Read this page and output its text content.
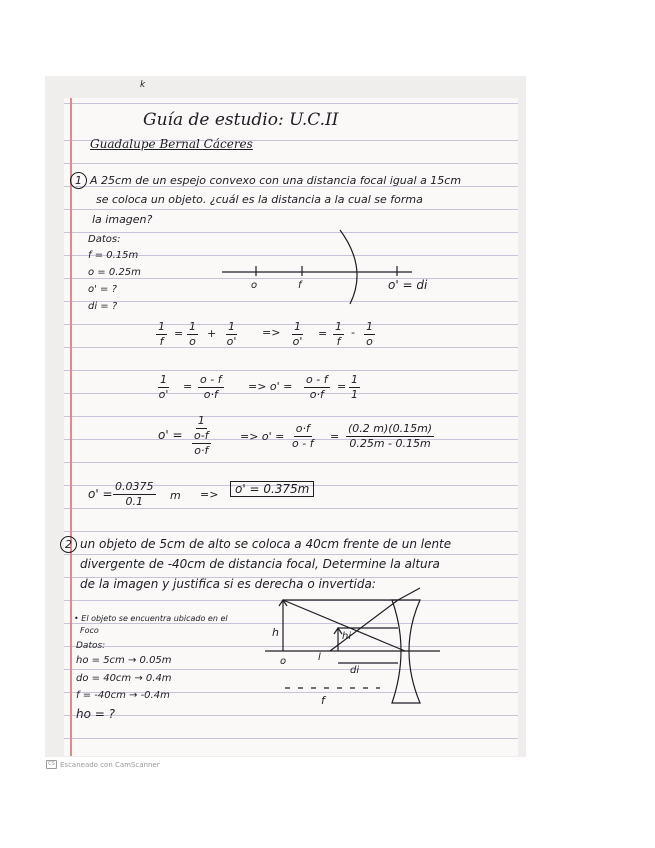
k
Guía de estudio: U.C.II
Guadalupe Bernal Cáceres
1 A 25cm de un espejo convexo con una distancia focal igual a 15cm
se coloca un objeto. ¿cuál es la distancia a la cual se forma
la imagen?
Datos:
f = 0.15m
o = 0.25m
o' = ?
di = ?
o	f	o' = di
$\frac{1}{f} = \frac{1}{o} + \frac{1}{o'} => \frac{1}{o'} = \frac{1}{f} - \frac{1}{o}$
$\frac{1}{o'} = \frac{o - f}{o\cdot f} => o' = \frac{o - f}{o\cdot f} = \frac{1}{1}$
o' =
1
o-f
o·f
=> $o' = \frac{o\cdot f}{o - f} = \frac{(0.2 m)(0.15m)}{0.25m - 0.15m}$
$o' = \frac{0.0375}{0.1}$ m =>	o' = 0.375m
2 un objeto de 5cm de alto se coloca a 40cm frente de un lente
divergente de -40cm de distancia focal, Determine la altura
de la imagen y justifica si es derecha o invertida:
• El objeto se encuentra ubicado en el
Foco
Datos:
ho = 5cm → 0.05m
do = 40cm → 0.4m
f = -40cm → -0.4m
ho = ?
h	hi
o	l
di
f
CS Escaneado con CamScanner
